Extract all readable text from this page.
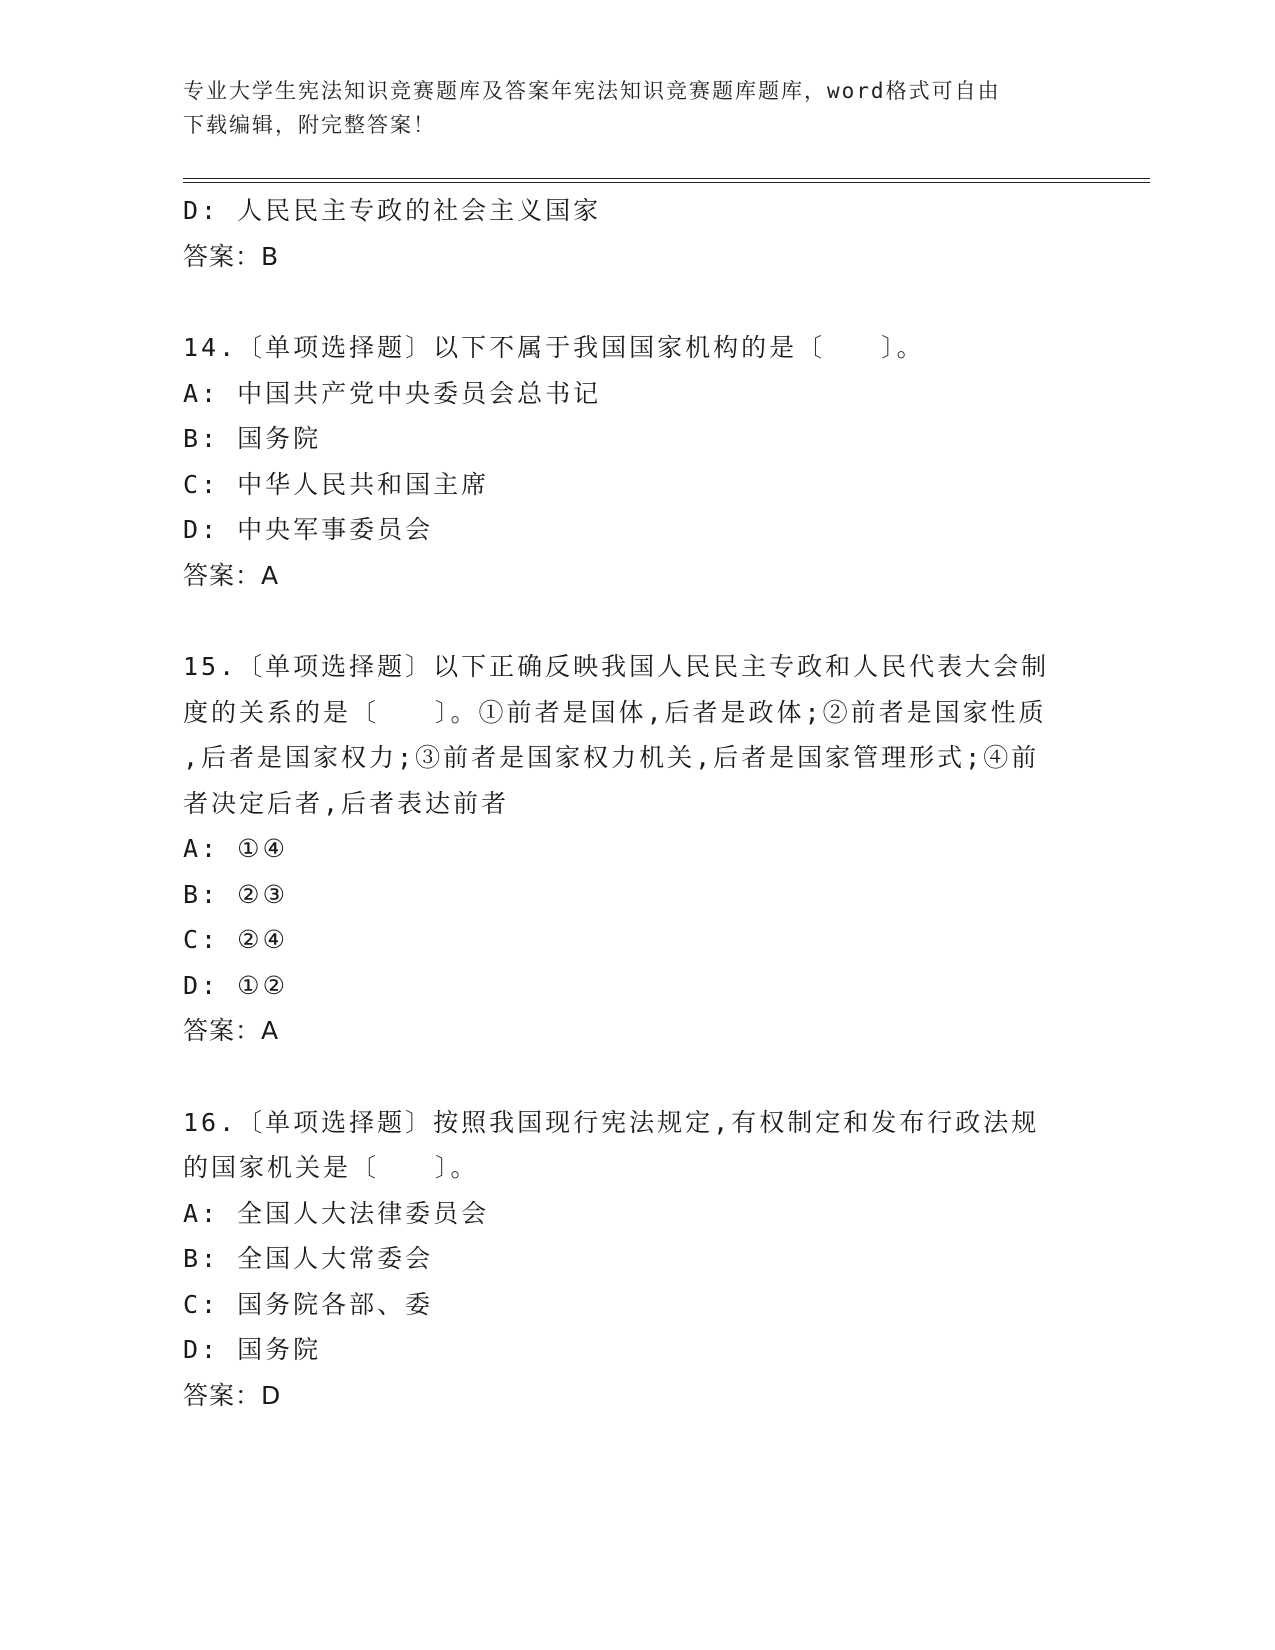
专业大学生宪法知识竞赛题库及答案年宪法知识竞赛题库题库，word格式可自由
下载编辑，附完整答案！
D: 人民民主专政的社会主义国家
答案：B
14.〔单项选择题〕以下不属于我国国家机构的是〔　　〕。
A: 中国共产党中央委员会总书记
B: 国务院
C: 中华人民共和国主席
D: 中央军事委员会
答案：A
15.〔单项选择题〕以下正确反映我国人民民主专政和人民代表大会制
度的关系的是〔　　〕。①前者是国体,后者是政体;②前者是国家性质
,后者是国家权力;③前者是国家权力机关,后者是国家管理形式;④前
者决定后者,后者表达前者
A: ①④
B: ②③
C: ②④
D: ①②
答案：A
16.〔单项选择题〕按照我国现行宪法规定,有权制定和发布行政法规
的国家机关是〔　　〕。
A: 全国人大法律委员会
B: 全国人大常委会
C: 国务院各部、委
D: 国务院
答案：D
